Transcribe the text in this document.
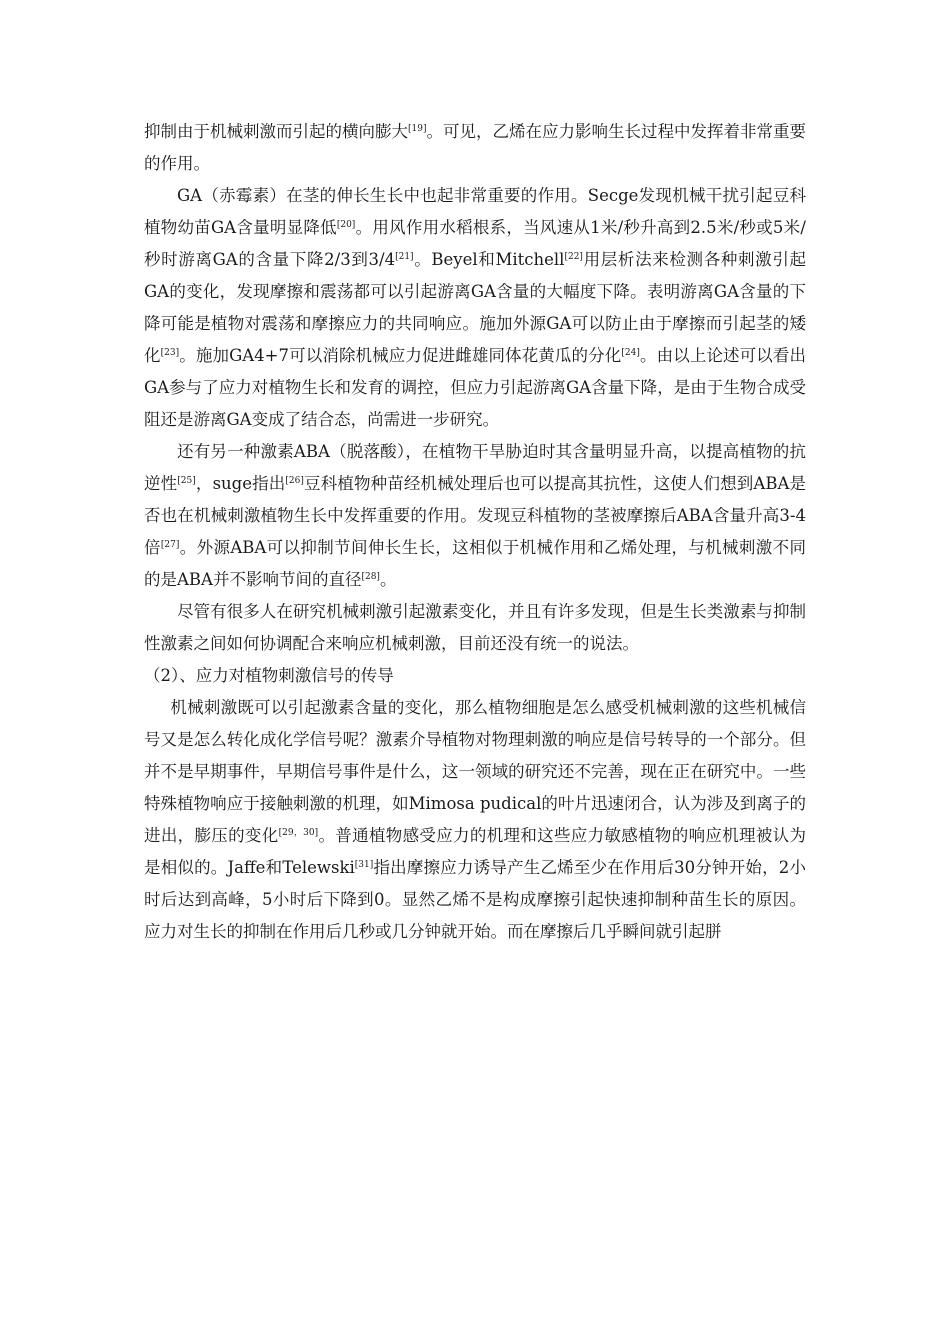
抑制由于机械刺激而引起的横向膨大[19]。可见，乙烯在应力影响生长过程中发挥着非常重要的作用。

GA（赤霉素）在茎的伸长生长中也起非常重要的作用。Secge发现机械干扰引起豆科植物幼苗GA含量明显降低[20]。用风作用水稻根系，当风速从1米/秒升高到2.5米/秒或5米/秒时游离GA的含量下降2/3到3/4[21]。Beyel和Mitchell[22]用层析法来检测各种刺激引起GA的变化，发现摩擦和震荡都可以引起游离GA含量的大幅度下降。表明游离GA含量的下降可能是植物对震荡和摩擦应力的共同响应。施加外源GA可以防止由于摩擦而引起茎的矮化[23]。施加GA4+7可以消除机械应力促进雌雄同体花黄瓜的分化[24]。由以上论述可以看出GA参与了应力对植物生长和发育的调控，但应力引起游离GA含量下降，是由于生物合成受阻还是游离GA变成了结合态，尚需进一步研究。

还有另一种激素ABA（脱落酸），在植物干旱胁迫时其含量明显升高，以提高植物的抗逆性[25]，suge指出[26]豆科植物种苗经机械处理后也可以提高其抗性，这使人们想到ABA是否也在机械刺激植物生长中发挥重要的作用。发现豆科植物的茎被摩擦后ABA含量升高3-4倍[27]。外源ABA可以抑制节间伸长生长，这相似于机械作用和乙烯处理，与机械刺激不同的是ABA并不影响节间的直径[28]。

尽管有很多人在研究机械刺激引起激素变化，并且有许多发现，但是生长类激素与抑制性激素之间如何协调配合来响应机械刺激，目前还没有统一的说法。

（2）、应力对植物刺激信号的传导

机械刺激既可以引起激素含量的变化，那么植物细胞是怎么感受机械刺激的这些机械信号又是怎么转化成化学信号呢？激素介导植物对物理刺激的响应是信号转导的一个部分。但并不是早期事件，早期信号事件是什么，这一领域的研究还不完善，现在正在研究中。一些特殊植物响应于接触刺激的机理，如Mimosa pudical的叶片迅速闭合，认为涉及到离子的进出，膨压的变化[29，30]。普通植物感受应力的机理和这些应力敏感植物的响应机理被认为是相似的。Jaffe和Telewski[31]指出摩擦应力诱导产生乙烯至少在作用后30分钟开始，2小时后达到高峰，5小时后下降到0。显然乙烯不是构成摩擦引起快速抑制种苗生长的原因。应力对生长的抑制在作用后几秒或几分钟就开始。而在摩擦后几乎瞬间就引起胼
